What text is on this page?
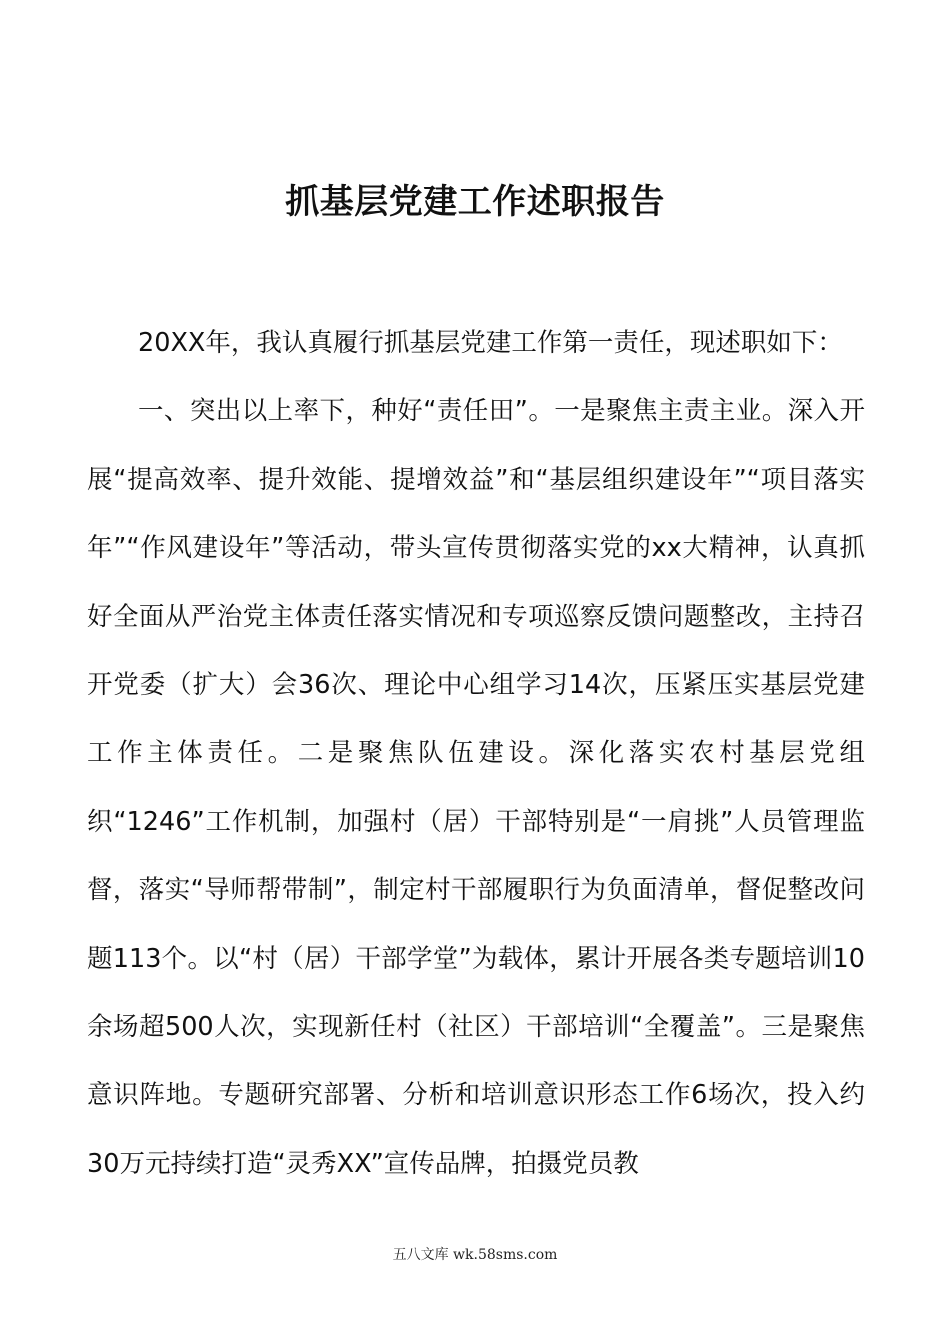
抓基层党建工作述职报告

20XX年，我认真履行抓基层党建工作第一责任，现述职如下：

一、突出以上率下，种好“责任田”。一是聚焦主责主业。深入开展“提高效率、提升效能、提增效益”和“基层组织建设年”“项目落实年”“作风建设年”等活动，带头宣传贯彻落实党的xx大精神，认真抓好全面从严治党主体责任落实情况和专项巡察反馈问题整改，主持召开党委（扩大）会36次、理论中心组学习14次，压紧压实基层党建工作主体责任。二是聚焦队伍建设。深化落实农村基层党组织“1246”工作机制，加强村（居）干部特别是“一肩挑”人员管理监督，落实“导师帮带制”，制定村干部履职行为负面清单，督促整改问题113个。以“村（居）干部学堂”为载体，累计开展各类专题培训10余场超500人次，实现新任村（社区）干部培训“全覆盖”。三是聚焦意识阵地。专题研究部署、分析和培训意识形态工作6场次，投入约30万元持续打造“灵秀XX”宣传品牌，拍摄党员教

五八文库 wk.58sms.com
